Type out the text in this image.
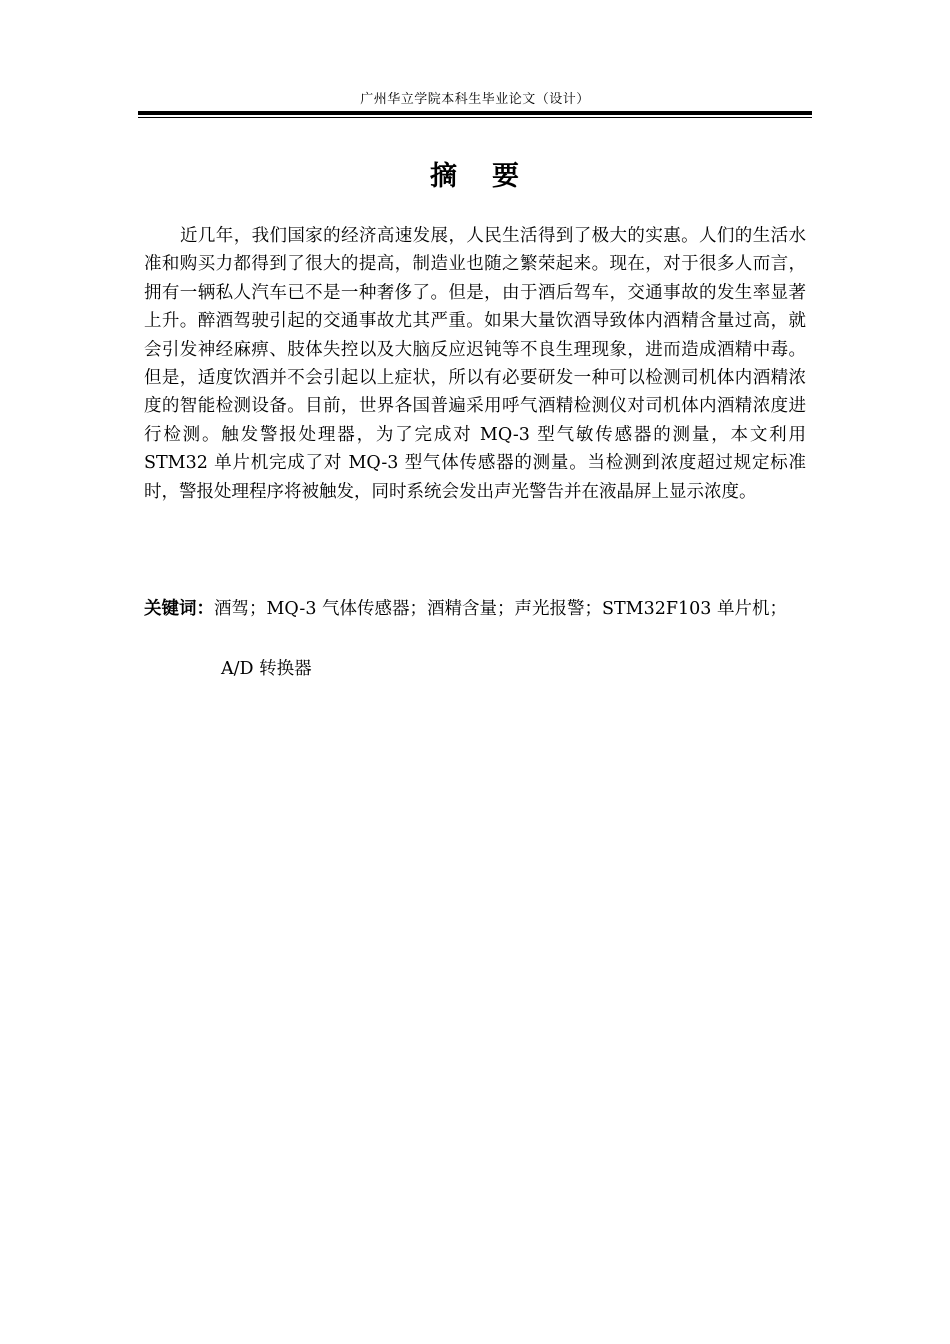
广州华立学院本科生毕业论文（设计）
摘 要

近几年，我们国家的经济高速发展，人民生活得到了极大的实惠。人们的生活水准和购买力都得到了很大的提高，制造业也随之繁荣起来。现在，对于很多人而言，拥有一辆私人汽车已不是一种奢侈了。但是，由于酒后驾车，交通事故的发生率显著上升。醉酒驾驶引起的交通事故尤其严重。如果大量饮酒导致体内酒精含量过高，就会引发神经麻痹、肢体失控以及大脑反应迟钝等不良生理现象，进而造成酒精中毒。但是，适度饮酒并不会引起以上症状，所以有必要研发一种可以检测司机体内酒精浓度的智能检测设备。目前，世界各国普遍采用呼气酒精检测仪对司机体内酒精浓度进行检测。触发警报处理器，为了完成对 MQ-3 型气敏传感器的测量，本文利用 STM32 单片机完成了对 MQ-3 型气体传感器的测量。当检测到浓度超过规定标准时，警报处理程序将被触发，同时系统会发出声光警告并在液晶屏上显示浓度。

关键词：酒驾；MQ-3 气体传感器；酒精含量；声光报警；STM32F103 单片机；

A/D 转换器
